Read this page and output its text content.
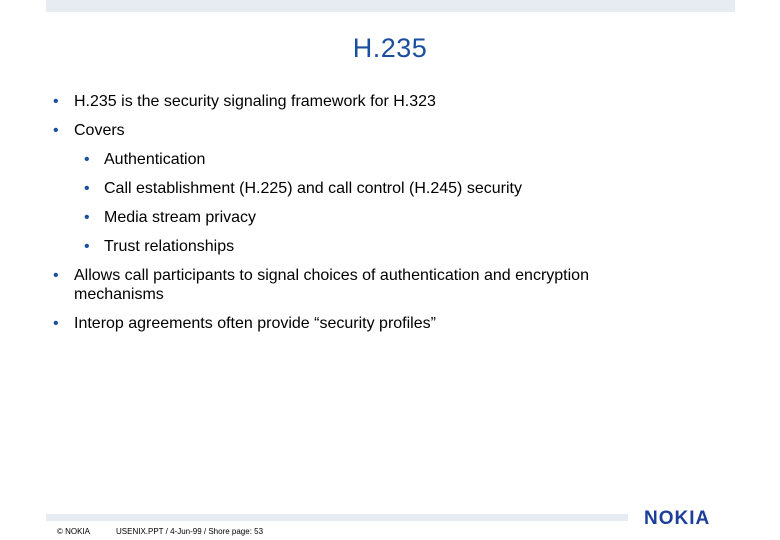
H.235
• H.235 is the security signaling framework for H.323
• Covers
• Authentication
• Call establishment (H.225) and call control (H.245) security
• Media stream privacy
• Trust relationships
• Allows call participants to signal choices of authentication and encryption mechanisms
• Interop agreements often provide “security profiles”
© NOKIA	USENIX.PPT / 4-Jun-99 / Shore page: 53
NOKIA
